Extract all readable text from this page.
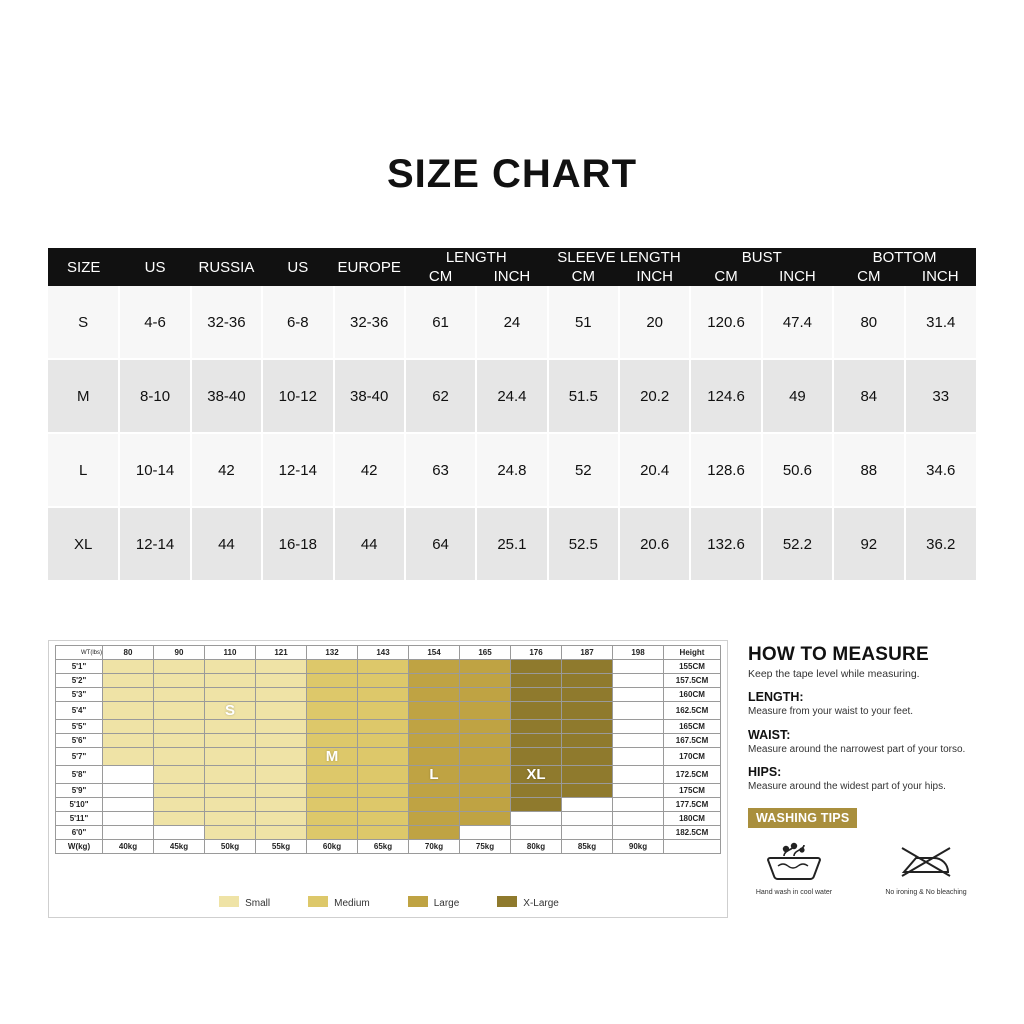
SIZE CHART
SIZE	US	RUSSIA	US	EUROPE	LENGTH		SLEEVE LENGTH		BUST		BOTTOM	
					CM	INCH	CM	INCH	CM	INCH	CM	INCH
S	4-6	32-36	6-8	32-36	61	24	51	20	120.6	47.4	80	31.4
M	8-10	38-40	10-12	38-40	62	24.4	51.5	20.2	124.6	49	84	33
L	10-14	42	12-14	42	63	24.8	52	20.4	128.6	50.6	88	34.6
XL	12-14	44	16-18	44	64	25.1	52.5	20.6	132.6	52.2	92	36.2
WT(lbs)	80	90	110	121	132	143	154	165	176	187	198	Height
5'1"												155CM
5'2"												157.5CM
5'3"												160CM
5'4"			S									162.5CM
5'5"												165CM
5'6"												167.5CM
5'7"					M							170CM
5'8"							L		XL			172.5CM
5'9"												175CM
5'10"												177.5CM
5'11"												180CM
6'0"												182.5CM
W(kg)	40kg	45kg	50kg	55kg	60kg	65kg	70kg	75kg	80kg	85kg	90kg	
Small	Medium	Large	X-Large
HOW TO MEASURE
Keep the tape level while measuring.
LENGTH:
Measure from your waist to your feet.
WAIST:
Measure around the narrowest part of your torso.
HIPS:
Measure around the widest part of your hips.
WASHING TIPS
Hand wash in cool water	No ironing & No bleaching
